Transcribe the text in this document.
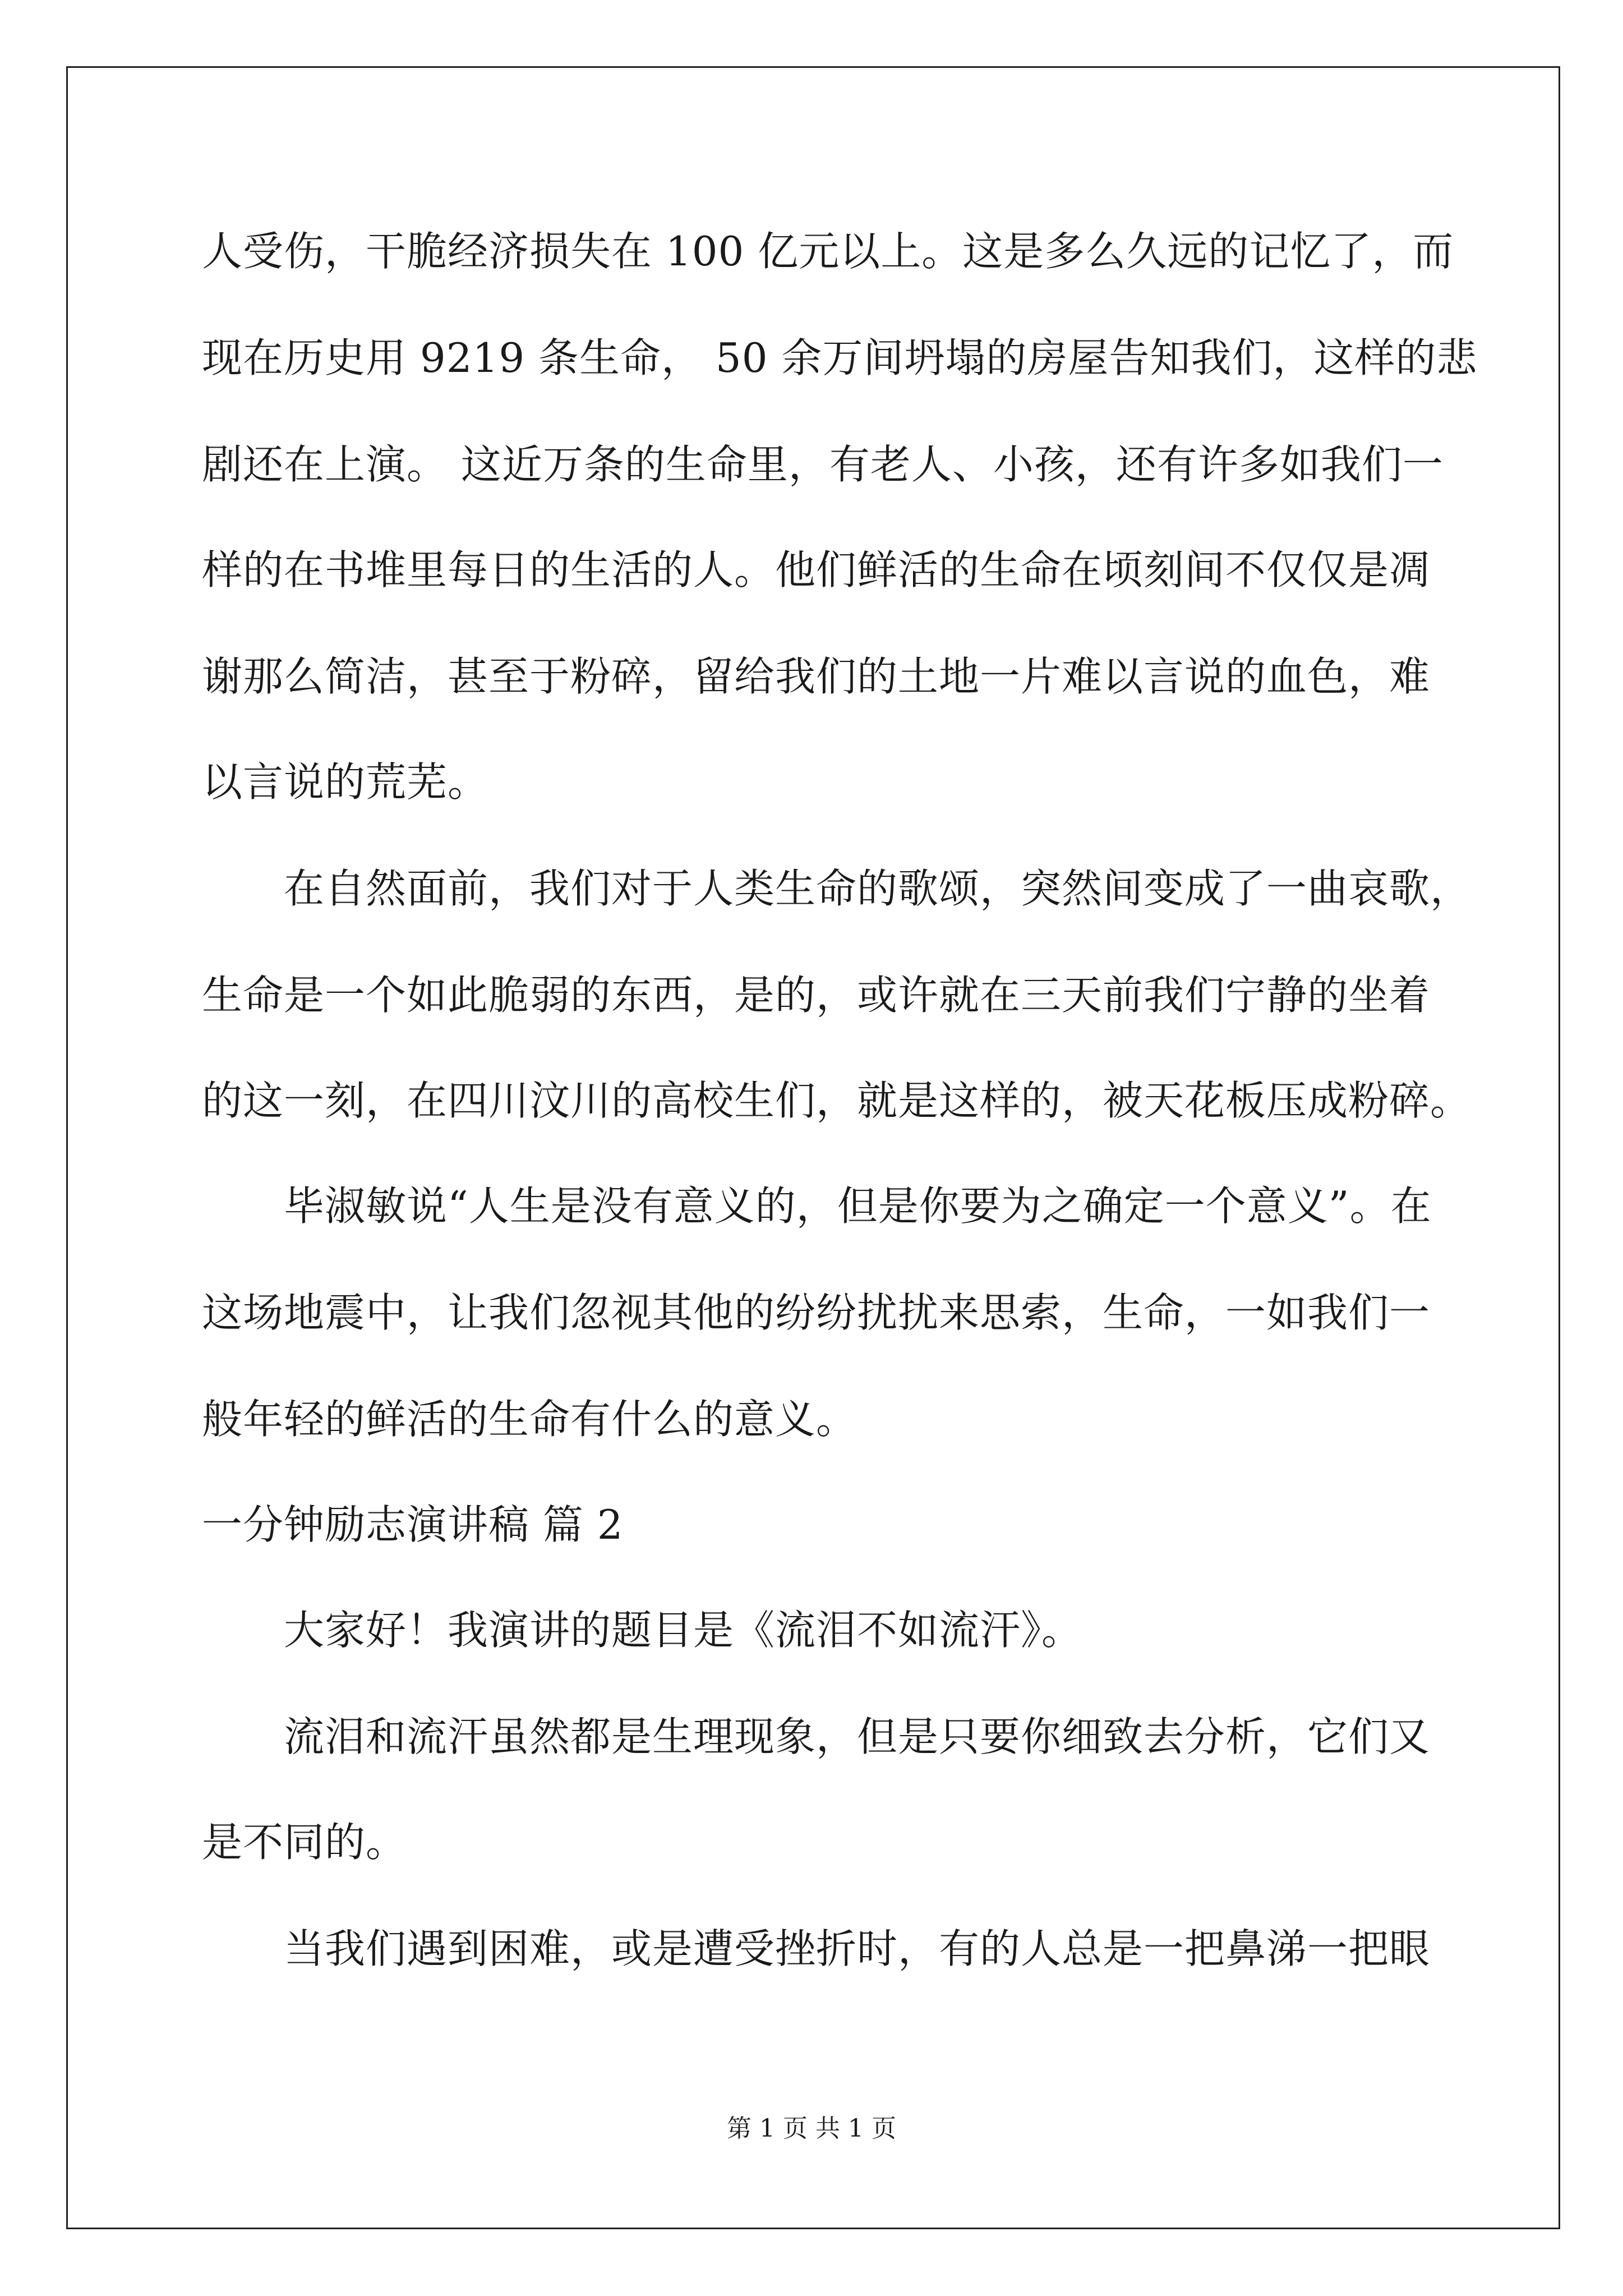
人受伤，干脆经济损失在 100 亿元以上。这是多么久远的记忆了，而
现在历史用 9219 条生命， 50 余万间坍塌的房屋告知我们，这样的悲
剧还在上演。 这近万条的生命里，有老人、小孩，还有许多如我们一
样的在书堆里每日的生活的人。他们鲜活的生命在顷刻间不仅仅是凋
谢那么简洁，甚至于粉碎，留给我们的土地一片难以言说的血色，难
以言说的荒芜。
在自然面前，我们对于人类生命的歌颂，突然间变成了一曲哀歌，
生命是一个如此脆弱的东西，是的，或许就在三天前我们宁静的坐着
的这一刻，在四川汶川的高校生们，就是这样的，被天花板压成粉碎。
毕淑敏说“人生是没有意义的，但是你要为之确定一个意义”。在
这场地震中，让我们忽视其他的纷纷扰扰来思索，生命，一如我们一
般年轻的鲜活的生命有什么的意义。
一分钟励志演讲稿 篇 2
大家好！我演讲的题目是《流泪不如流汗》。
流泪和流汗虽然都是生理现象，但是只要你细致去分析，它们又
是不同的。
当我们遇到困难，或是遭受挫折时，有的人总是一把鼻涕一把眼
第 1 页 共 1 页
